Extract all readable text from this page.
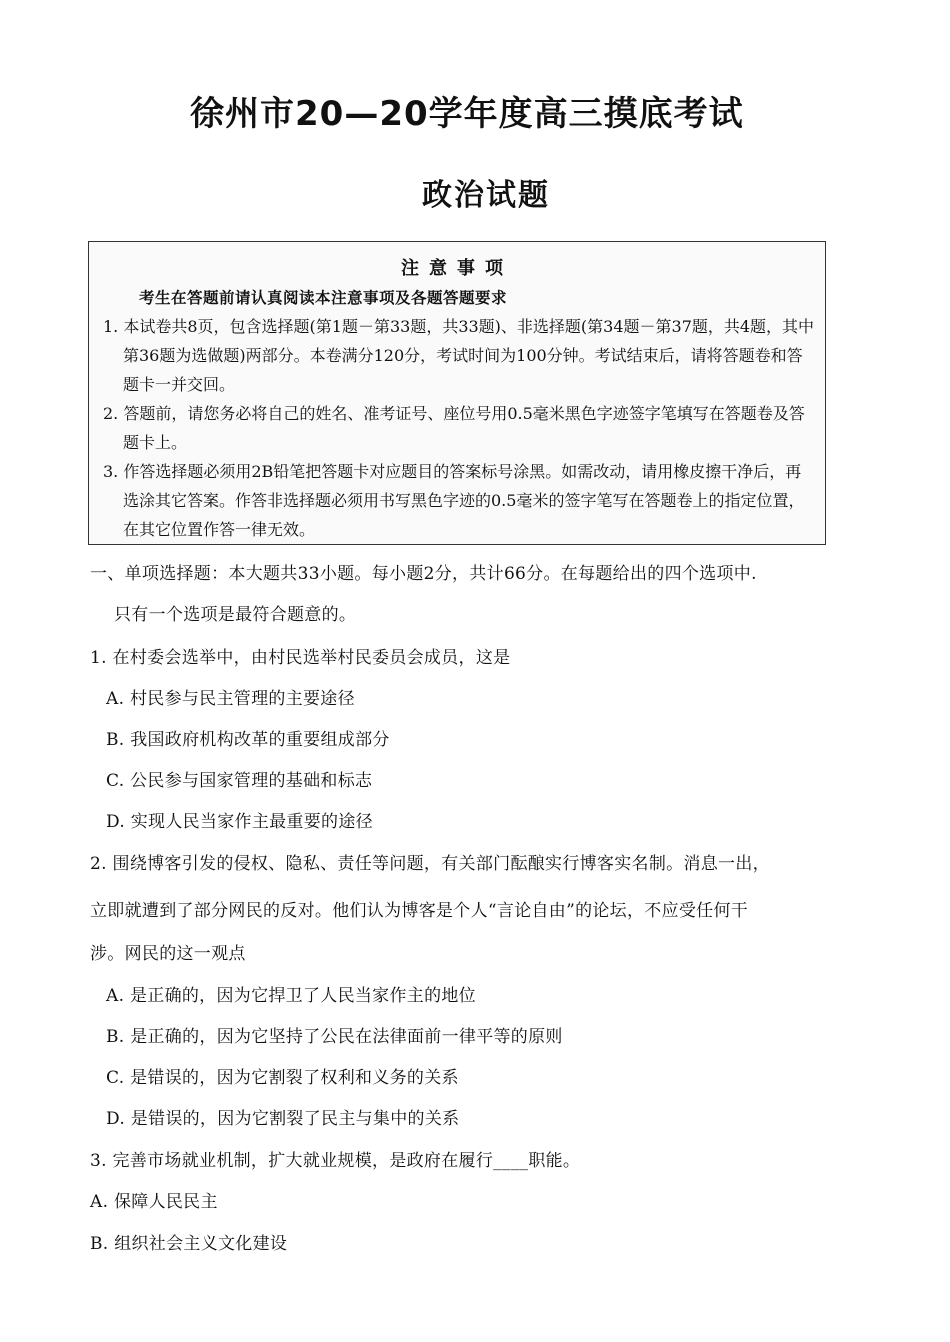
徐州市20—20学年度高三摸底考试
政治试题
注意事项
考生在答题前请认真阅读本注意事项及各题答题要求
1. 本试卷共8页，包含选择题(第1题－第33题，共33题)、非选择题(第34题－第37题，共4题，其中第36题为选做题)两部分。本卷满分120分，考试时间为100分钟。考试结束后，请将答题卷和答题卡一并交回。
2. 答题前，请您务必将自己的姓名、准考证号、座位号用0.5毫米黑色字迹签字笔填写在答题卷及答题卡上。
3. 作答选择题必须用2B铅笔把答题卡对应题目的答案标号涂黑。如需改动，请用橡皮擦干净后，再选涂其它答案。作答非选择题必须用书写黑色字迹的0.5毫米的签字笔写在答题卷上的指定位置，在其它位置作答一律无效。
一、单项选择题：本大题共33小题。每小题2分，共计66分。在每题给出的四个选项中.
只有一个选项是最符合题意的。
1. 在村委会选举中，由村民选举村民委员会成员，这是
A. 村民参与民主管理的主要途径
B. 我国政府机构改革的重要组成部分
C. 公民参与国家管理的基础和标志
D. 实现人民当家作主最重要的途径
2. 围绕博客引发的侵权、隐私、责任等问题，有关部门酝酿实行博客实名制。消息一出，
立即就遭到了部分网民的反对。他们认为博客是个人“言论自由”的论坛，不应受任何干
涉。网民的这一观点
A. 是正确的，因为它捍卫了人民当家作主的地位
B. 是正确的，因为它坚持了公民在法律面前一律平等的原则
C. 是错误的，因为它割裂了权利和义务的关系
D. 是错误的，因为它割裂了民主与集中的关系
3. 完善市场就业机制，扩大就业规模，是政府在履行____职能。
A. 保障人民民主
B. 组织社会主义文化建设
